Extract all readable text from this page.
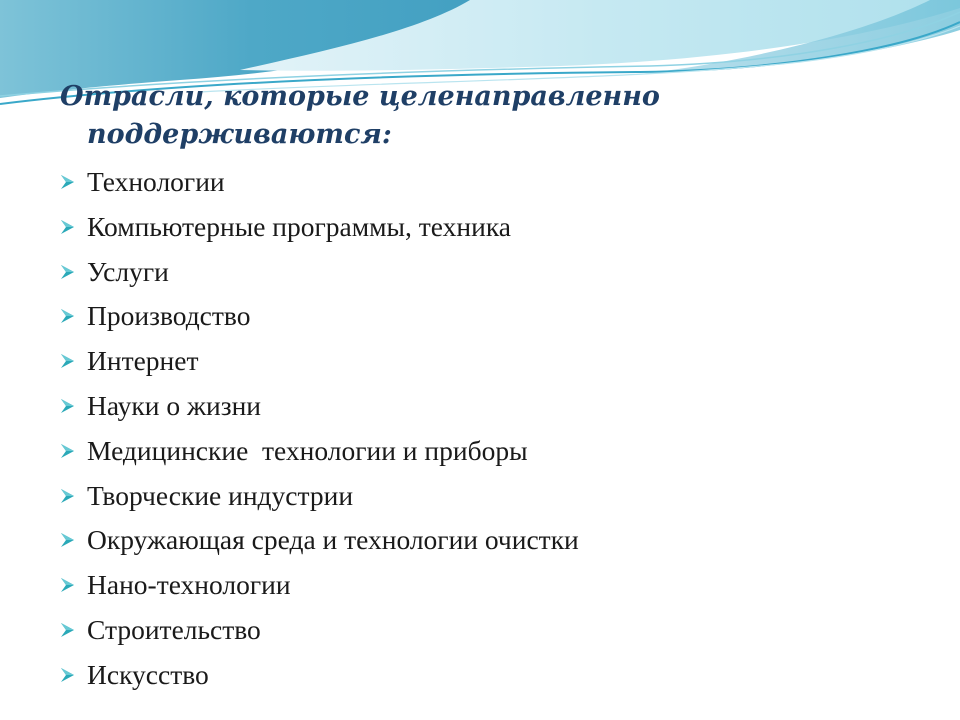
Отрасли, которые целенаправленно
поддерживаются:
Технологии
Компьютерные программы, техника
Услуги
Производство
Интернет
Науки о жизни
Медицинские  технологии и приборы
Творческие индустрии
Окружающая среда и технологии очистки
Нано-технологии
Строительство
Искусство
